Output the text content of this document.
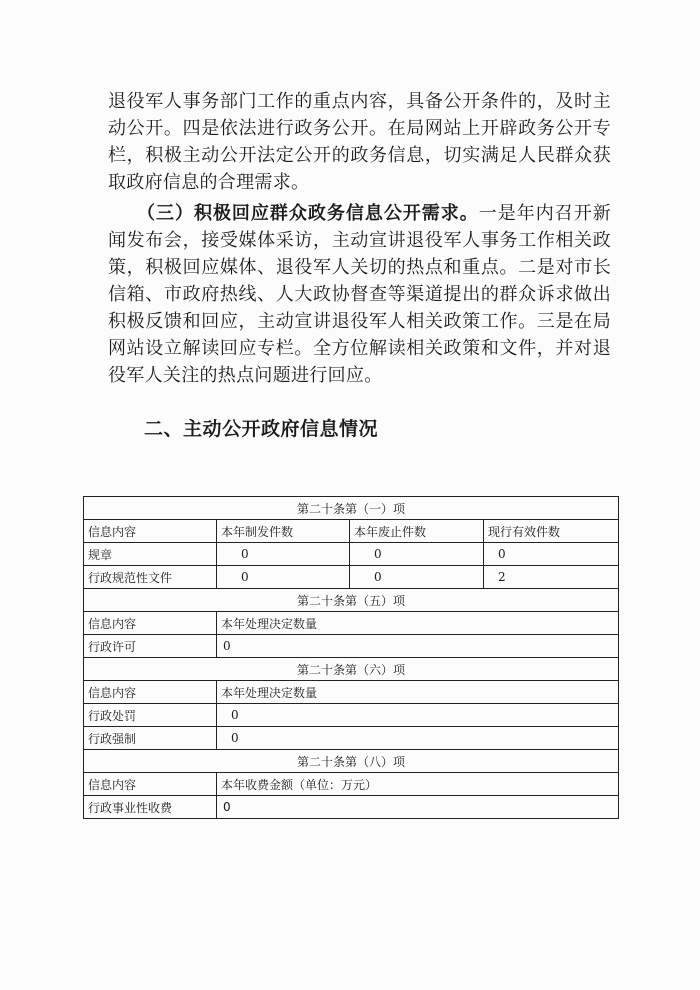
退役军人事务部门工作的重点内容，具备公开条件的，及时主动公开。四是依法进行政务公开。在局网站上开辟政务公开专栏，积极主动公开法定公开的政务信息，切实满足人民群众获取政府信息的合理需求。

　　（三）积极回应群众政务信息公开需求。一是年内召开新闻发布会，接受媒体采访，主动宣讲退役军人事务工作相关政策，积极回应媒体、退役军人关切的热点和重点。二是对市长信箱、市政府热线、人大政协督查等渠道提出的群众诉求做出积极反馈和回应，主动宣讲退役军人相关政策工作。三是在局网站设立解读回应专栏。全方位解读相关政策和文件，并对退役军人关注的热点问题进行回应。

二、主动公开政府信息情况
第二十条第（一）项			
信息内容	本年制发件数	本年废止件数	现行有效件数
规章	0	0	0
行政规范性文件	0	0	2
第二十条第（五）项			
信息内容	本年处理决定数量		
行政许可	0		
第二十条第（六）项			
信息内容	本年处理决定数量		
行政处罚	0		
行政强制	0		
第二十条第（八）项			
信息内容	本年收费金额（单位：万元）		
行政事业性收费	0		
